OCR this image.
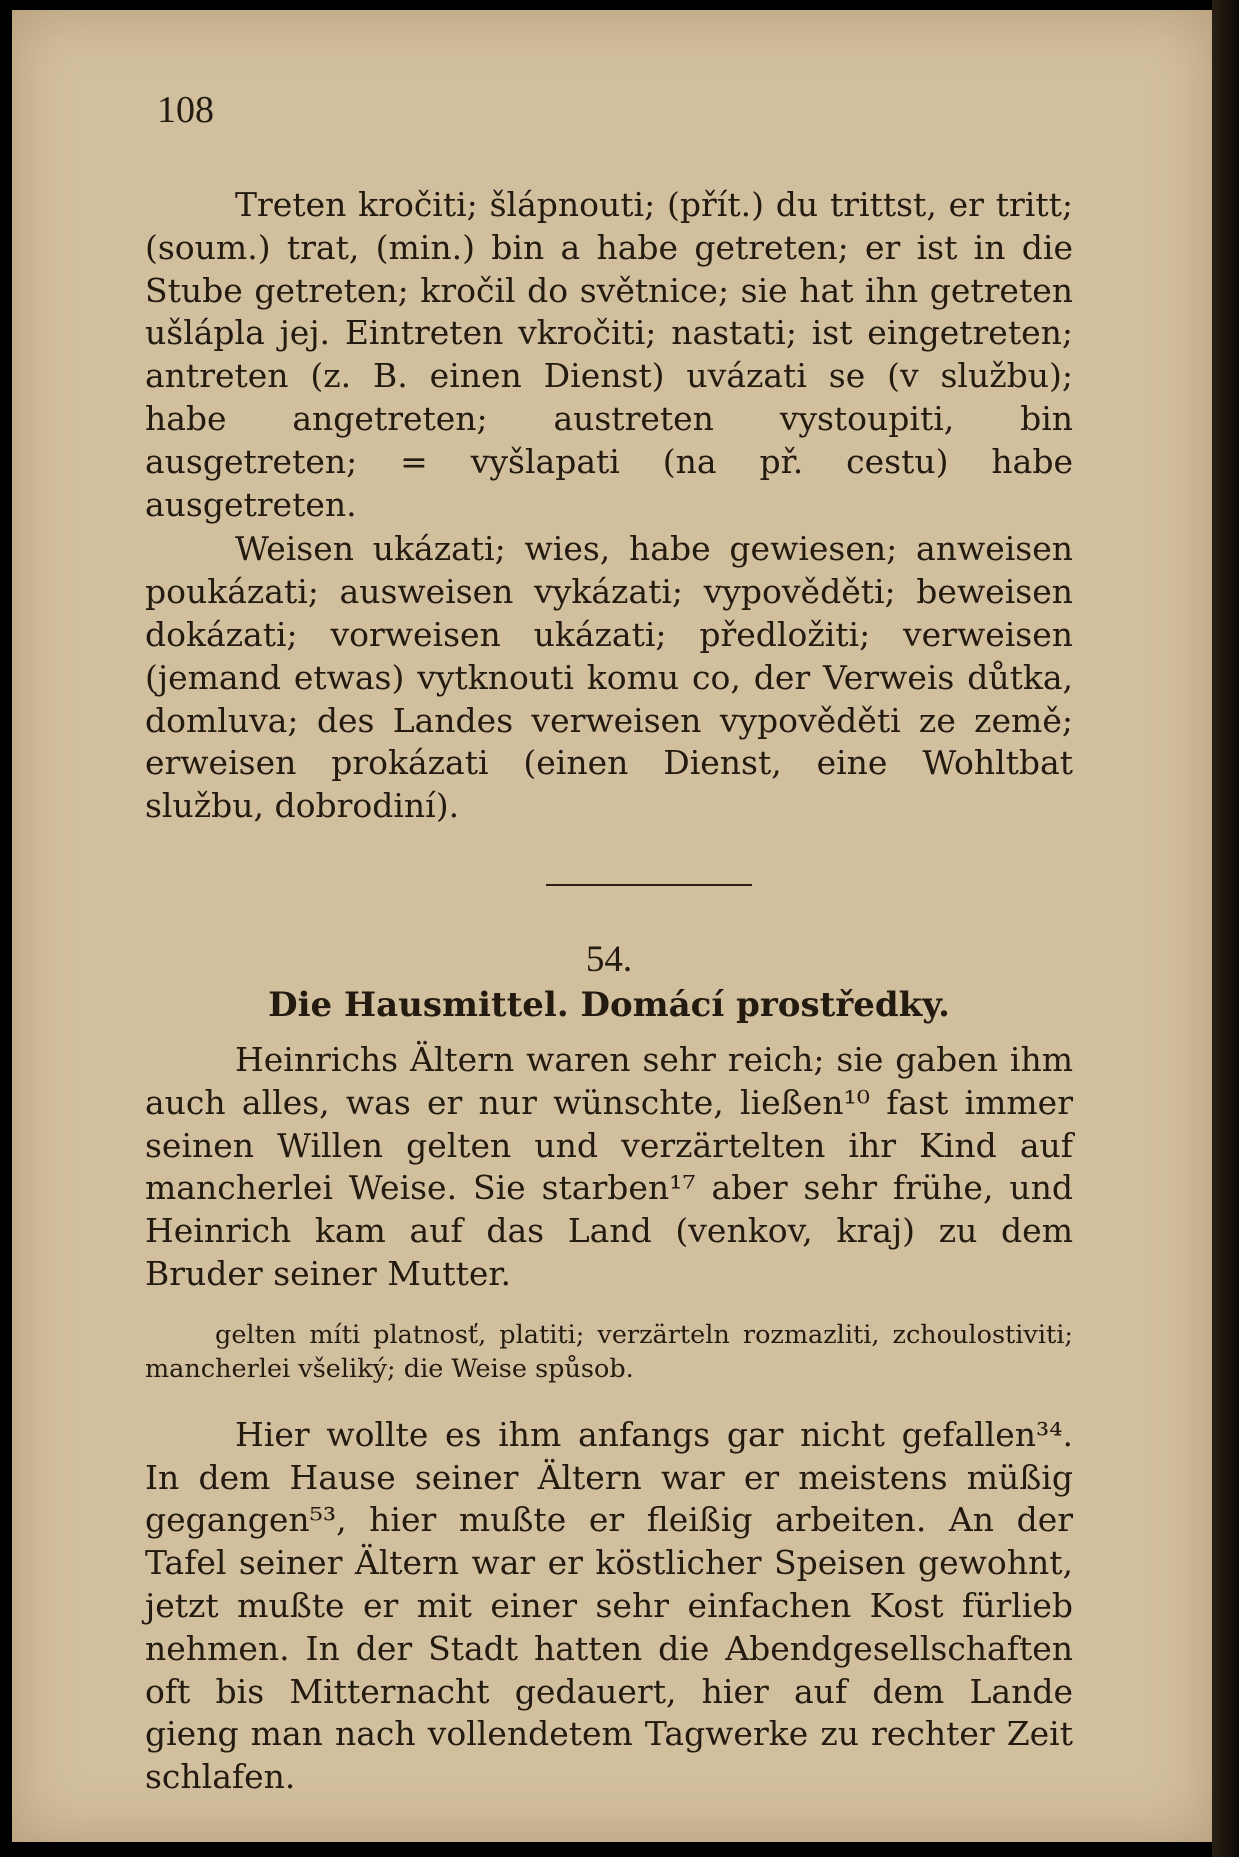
108

Treten kročiti; šlápnouti; (přít.) du trittst, er tritt; (soum.) trat, (min.) bin a habe getreten; er ist in die Stube getreten; kročil do světnice; sie hat ihn getreten ušlápla jej. Eintreten vkročiti; nastati; ist eingetreten; antreten (z. B. einen Dienst) uvázati se (v službu); habe angetreten; austreten vystoupiti, bin ausgetreten; = vyšlapati (na př. cestu) habe ausgetreten.

Weisen ukázati; wies, habe gewiesen; anweisen poukázati; ausweisen vykázati; vypověděti; beweisen dokázati; vorweisen ukázati; předložiti; verweisen (jemand etwas) vytknouti komu co, der Verweis důtka, domluva; des Landes verweisen vypověděti ze země; erweisen prokázati (einen Dienst, eine Wohltbat službu, dobrodiní).

54.
Die Hausmittel. Domácí prostředky.

Heinrichs Ältern waren sehr reich; sie gaben ihm auch alles, was er nur wünschte, ließen¹⁰ fast immer seinen Willen gelten und verzärtelten ihr Kind auf mancherlei Weise. Sie starben¹⁷ aber sehr frühe, und Heinrich kam auf das Land (venkov, kraj) zu dem Bruder seiner Mutter.

gelten míti platnosť, platiti; verzärteln rozmazliti, zchoulostiviti; mancherlei všeliký; die Weise spůsob.

Hier wollte es ihm anfangs gar nicht gefallen³⁴. In dem Hause seiner Ältern war er meistens müßig gegangen⁵³, hier mußte er fleißig arbeiten. An der Tafel seiner Ältern war er köstlicher Speisen gewohnt, jetzt mußte er mit einer sehr einfachen Kost fürlieb nehmen. In der Stadt hatten die Abendgesellschaften oft bis Mitternacht gedauert, hier auf dem Lande gieng man nach vollendetem Tagwerke zu rechter Zeit schlafen.
